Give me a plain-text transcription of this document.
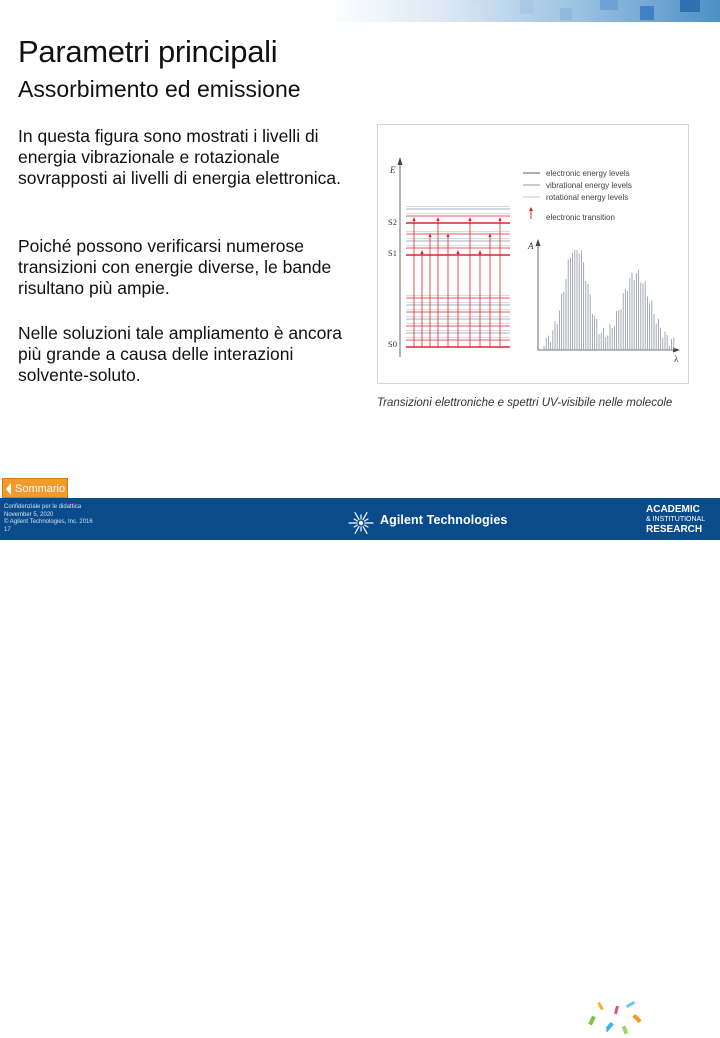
Parametri principali
Assorbimento ed emissione

In questa figura sono mostrati i livelli di energia vibrazionale e rotazionale sovrapposti ai livelli di energia elettronica.

Poiché possono verificarsi numerose transizioni con energie diverse, le bande risultano più ampie.

Nelle soluzioni tale ampliamento è ancora più grande a causa delle interazioni solvente-soluto.

E
S2
S1
S0
electronic energy levels
vibrational energy levels
rotational energy levels
electronic transition
A
λ
Transizioni elettroniche e spettri UV-visibile nelle molecole
Sommario
Confidenziale per le didattica
November 5, 2020
© Agilent Technologies, Inc. 2016
17
Agilent Technologies
ACADEMIC
& INSTITUTIONAL
RESEARCH
